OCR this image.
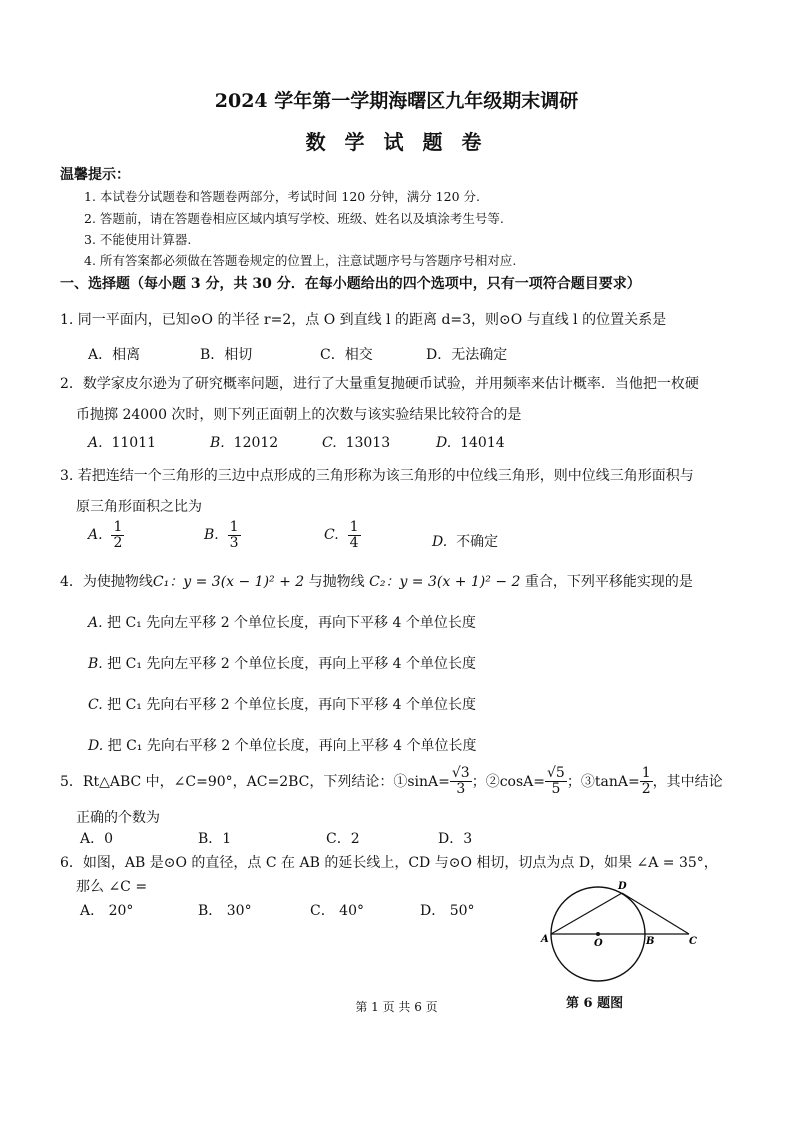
2024 学年第一学期海曙区九年级期末调研
数 学 试 题 卷
温馨提示：
1. 本试卷分试题卷和答题卷两部分，考试时间 120 分钟，满分 120 分.
2. 答题前，请在答题卷相应区域内填写学校、班级、姓名以及填涂考生号等.
3. 不能使用计算器.
4. 所有答案都必须做在答题卷规定的位置上，注意试题序号与答题序号相对应.
一、选择题（每小题 3 分，共 30 分．在每小题给出的四个选项中，只有一项符合题目要求）
1. 同一平面内，已知⊙O 的半径 r=2，点 O 到直线 l 的距离 d=3，则⊙O 与直线 l 的位置关系是
A．相离	B．相切	C．相交	D．无法确定
2．数学家皮尔逊为了研究概率问题，进行了大量重复抛硬币试验，并用频率来估计概率．当他把一枚硬
币抛掷 24000 次时，则下列正面朝上的次数与该实验结果比较符合的是
A. 11011	B. 12012	C. 13013	D. 14014
3. 若把连结一个三角形的三边中点形成的三角形称为该三角形的中位线三角形，则中位线三角形面积与
原三角形面积之比为
A. $\frac{1}{2}$	B. $\frac{1}{3}$	C. $\frac{1}{4}$	D. 不确定
4．为使抛物线C₁：y = 3(x − 1)² + 2 与抛物线 C₂：y = 3(x + 1)² − 2 重合，下列平移能实现的是
A. 把 C₁ 先向左平移 2 个单位长度，再向下平移 4 个单位长度
B. 把 C₁ 先向左平移 2 个单位长度，再向上平移 4 个单位长度
C. 把 C₁ 先向右平移 2 个单位长度，再向下平移 4 个单位长度
D. 把 C₁ 先向右平移 2 个单位长度，再向上平移 4 个单位长度
5．Rt△ABC 中，∠C=90°，AC=2BC，下列结论：①sinA= $\frac{√3}{3}$ ；②cosA= $\frac{√5}{5}$ ；③tanA= $\frac{1}{2}$ ，其中结论
正确的个数为
A．0	B．1	C．2	D．3
6．如图，AB 是⊙O 的直径，点 C 在 AB 的延长线上，CD 与⊙O 相切，切点为点 D，如果 ∠A = 35°，
那么 ∠C =
A． 20°	B． 30°	C． 40°	D． 50°
A	O	B	C
D
第 6 题图
第 1 页 共 6 页
